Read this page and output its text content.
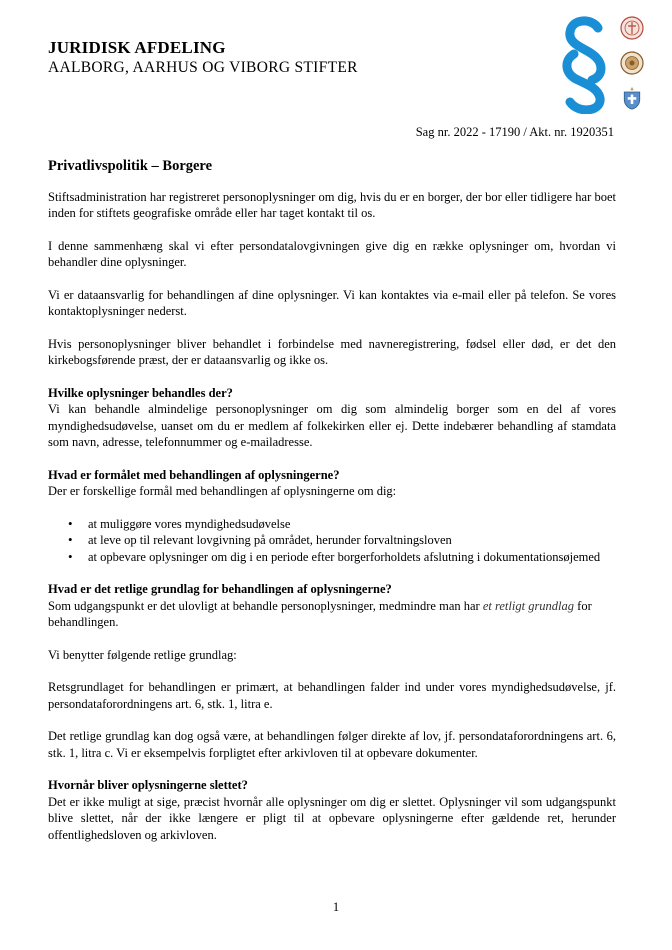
JURIDISK AFDELING
AALBORG, AARHUS OG VIBORG STIFTER

Sag nr. 2022 - 17190 / Akt. nr. 1920351
Privatlivspolitik – Borgere

Stiftsadministration har registreret personoplysninger om dig, hvis du er en borger, der bor eller tidligere har boet inden for stiftets geografiske område eller har taget kontakt til os.

I denne sammenhæng skal vi efter persondatalovgivningen give dig en række oplysninger om, hvordan vi behandler dine oplysninger.

Vi er dataansvarlig for behandlingen af dine oplysninger. Vi kan kontaktes via e-mail eller på telefon. Se vores kontaktoplysninger nederst.

Hvis personoplysninger bliver behandlet i forbindelse med navneregistrering, fødsel eller død, er det den kirkebogsførende præst, der er dataansvarlig og ikke os.

Hvilke oplysninger behandles der?

Vi kan behandle almindelige personoplysninger om dig som almindelig borger som en del af vores myndighedsudøvelse, uanset om du er medlem af folkekirken eller ej. Dette indebærer behandling af stamdata som navn, adresse, telefonnummer og e-mailadresse.

Hvad er formålet med behandlingen af oplysningerne?
Der er forskellige formål med behandlingen af oplysningerne om dig:
• at muliggøre vores myndighedsudøvelse
• at leve op til relevant lovgivning på området, herunder forvaltningsloven
• at opbevare oplysninger om dig i en periode efter borgerforholdets afslutning i dokumentationsøjemed
Hvad er det retlige grundlag for behandlingen af oplysningerne?

Som udgangspunkt er det ulovligt at behandle personoplysninger, medmindre man har et retligt grundlag for behandlingen.

Vi benytter følgende retlige grundlag:

Retsgrundlaget for behandlingen er primært, at behandlingen falder ind under vores myndighedsudøvelse, jf. persondataforordningens art. 6, stk. 1, litra e.

Det retlige grundlag kan dog også være, at behandlingen følger direkte af lov, jf. persondataforordningens art. 6, stk. 1, litra c. Vi er eksempelvis forpligtet efter arkivloven til at opbevare dokumenter.

Hvornår bliver oplysningerne slettet?

Det er ikke muligt at sige, præcist hvornår alle oplysninger om dig er slettet. Oplysninger vil som udgangspunkt blive slettet, når der ikke længere er pligt til at opbevare oplysningerne efter gældende ret, herunder offentlighedsloven og arkivloven.

1
